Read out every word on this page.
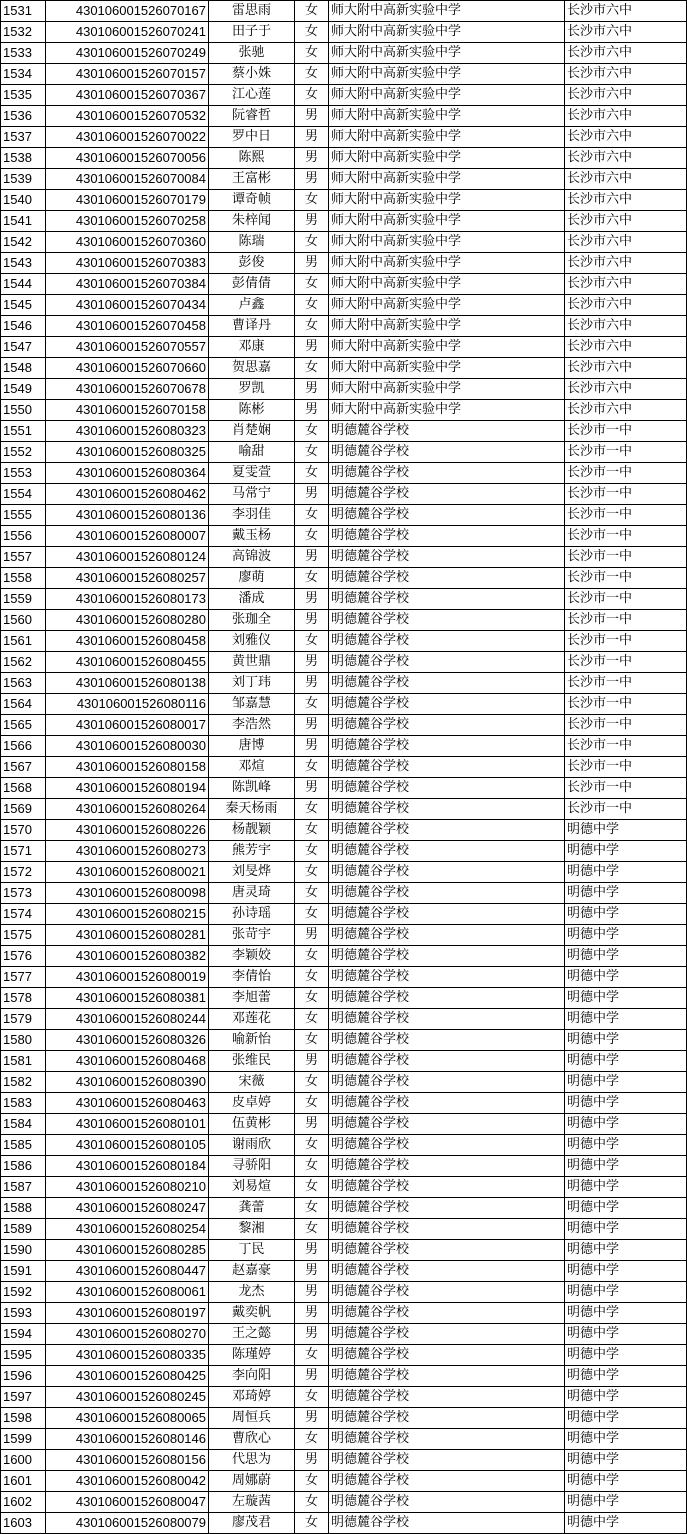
1531	430106001526070167	雷思雨	女	师大附中高新实验中学	长沙市六中
1532	430106001526070241	田子于	女	师大附中高新实验中学	长沙市六中
1533	430106001526070249	张驰	女	师大附中高新实验中学	长沙市六中
1534	430106001526070157	蔡小姝	女	师大附中高新实验中学	长沙市六中
1535	430106001526070367	江心莲	女	师大附中高新实验中学	长沙市六中
1536	430106001526070532	阮睿哲	男	师大附中高新实验中学	长沙市六中
1537	430106001526070022	罗中日	男	师大附中高新实验中学	长沙市六中
1538	430106001526070056	陈熙	男	师大附中高新实验中学	长沙市六中
1539	430106001526070084	王富彬	男	师大附中高新实验中学	长沙市六中
1540	430106001526070179	谭奇帧	女	师大附中高新实验中学	长沙市六中
1541	430106001526070258	朱梓闻	男	师大附中高新实验中学	长沙市六中
1542	430106001526070360	陈瑞	女	师大附中高新实验中学	长沙市六中
1543	430106001526070383	彭俊	男	师大附中高新实验中学	长沙市六中
1544	430106001526070384	彭倩倩	女	师大附中高新实验中学	长沙市六中
1545	430106001526070434	卢鑫	女	师大附中高新实验中学	长沙市六中
1546	430106001526070458	曹译丹	女	师大附中高新实验中学	长沙市六中
1547	430106001526070557	邓康	男	师大附中高新实验中学	长沙市六中
1548	430106001526070660	贺思嘉	女	师大附中高新实验中学	长沙市六中
1549	430106001526070678	罗凯	男	师大附中高新实验中学	长沙市六中
1550	430106001526070158	陈彬	男	师大附中高新实验中学	长沙市六中
1551	430106001526080323	肖楚娴	女	明德麓谷学校	长沙市一中
1552	430106001526080325	喻甜	女	明德麓谷学校	长沙市一中
1553	430106001526080364	夏雯萱	女	明德麓谷学校	长沙市一中
1554	430106001526080462	马常宁	男	明德麓谷学校	长沙市一中
1555	430106001526080136	李羽佳	女	明德麓谷学校	长沙市一中
1556	430106001526080007	戴玉杨	女	明德麓谷学校	长沙市一中
1557	430106001526080124	高锦波	男	明德麓谷学校	长沙市一中
1558	430106001526080257	廖萌	女	明德麓谷学校	长沙市一中
1559	430106001526080173	潘成	男	明德麓谷学校	长沙市一中
1560	430106001526080280	张珈全	男	明德麓谷学校	长沙市一中
1561	430106001526080458	刘雅仪	女	明德麓谷学校	长沙市一中
1562	430106001526080455	黄世鼎	男	明德麓谷学校	长沙市一中
1563	430106001526080138	刘丁玮	男	明德麓谷学校	长沙市一中
1564	430106001526080116	邹嘉慧	女	明德麓谷学校	长沙市一中
1565	430106001526080017	李浩然	男	明德麓谷学校	长沙市一中
1566	430106001526080030	唐博	男	明德麓谷学校	长沙市一中
1567	430106001526080158	邓煊	女	明德麓谷学校	长沙市一中
1568	430106001526080194	陈凯峰	男	明德麓谷学校	长沙市一中
1569	430106001526080264	秦天杨雨	女	明德麓谷学校	长沙市一中
1570	430106001526080226	杨靓颖	女	明德麓谷学校	明德中学
1571	430106001526080273	熊芳宇	女	明德麓谷学校	明德中学
1572	430106001526080021	刘旻烨	女	明德麓谷学校	明德中学
1573	430106001526080098	唐灵琦	女	明德麓谷学校	明德中学
1574	430106001526080215	孙诗瑶	女	明德麓谷学校	明德中学
1575	430106001526080281	张苛宇	男	明德麓谷学校	明德中学
1576	430106001526080382	李颖姣	女	明德麓谷学校	明德中学
1577	430106001526080019	李倩怡	女	明德麓谷学校	明德中学
1578	430106001526080381	李旭蕾	女	明德麓谷学校	明德中学
1579	430106001526080244	邓莲花	女	明德麓谷学校	明德中学
1580	430106001526080326	喻新怡	女	明德麓谷学校	明德中学
1581	430106001526080468	张维民	男	明德麓谷学校	明德中学
1582	430106001526080390	宋薇	女	明德麓谷学校	明德中学
1583	430106001526080463	皮卓婷	女	明德麓谷学校	明德中学
1584	430106001526080101	伍黄彬	男	明德麓谷学校	明德中学
1585	430106001526080105	谢雨欣	女	明德麓谷学校	明德中学
1586	430106001526080184	寻骄阳	女	明德麓谷学校	明德中学
1587	430106001526080210	刘易煊	女	明德麓谷学校	明德中学
1588	430106001526080247	龚蕾	女	明德麓谷学校	明德中学
1589	430106001526080254	黎湘	女	明德麓谷学校	明德中学
1590	430106001526080285	丁民	男	明德麓谷学校	明德中学
1591	430106001526080447	赵嘉豪	男	明德麓谷学校	明德中学
1592	430106001526080061	龙杰	男	明德麓谷学校	明德中学
1593	430106001526080197	戴奕帆	男	明德麓谷学校	明德中学
1594	430106001526080270	王之懿	男	明德麓谷学校	明德中学
1595	430106001526080335	陈瑾婷	女	明德麓谷学校	明德中学
1596	430106001526080425	李向阳	男	明德麓谷学校	明德中学
1597	430106001526080245	邓琦婷	女	明德麓谷学校	明德中学
1598	430106001526080065	周恒兵	男	明德麓谷学校	明德中学
1599	430106001526080146	曹欣心	女	明德麓谷学校	明德中学
1600	430106001526080156	代思为	男	明德麓谷学校	明德中学
1601	430106001526080042	周娜蔚	女	明德麓谷学校	明德中学
1602	430106001526080047	左璇茜	女	明德麓谷学校	明德中学
1603	430106001526080079	廖茂君	女	明德麓谷学校	明德中学
